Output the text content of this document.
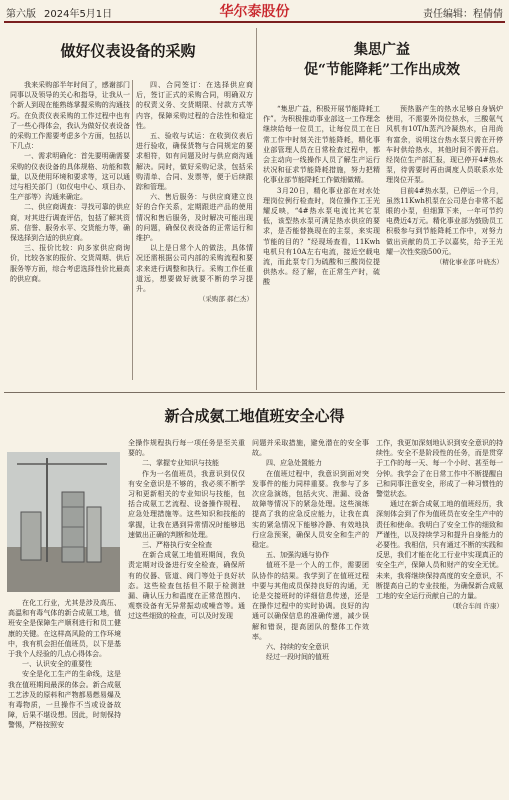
第六版 2024年5月1日	华尔泰股份	责任编辑：程倩倩
做好仪表设备的采购

我来采购部半年时间了，感谢部门同事以及领导的关心和指导，让我从一个新人到现在能熟练掌握采购的沟通技巧。在负责仪表采购的工作过程中也有了一些心得体会，我认为做好仪表设备的采购工作需要考虑多个方面，包括以下几点：

一、需求明确化：首先要明确需要采购的仪表设备的具体规格、功能和数量，以及使用环境和要求等，这可以通过与相关部门（如仪电中心、项目办、生产部等）沟通来确定。

二、供应商调查：寻找可靠的供应商，对其进行调查评估，包括了解其资质、信誉、服务水平、交货能力等，确保选择到合适的供应商。

三、报价比较：向多家供应商询价，比较各家的报价、交货周期、供后服务等方面，综合考虑选择性价比最高的供应商。

四、合同签订：在选择供应商后，签订正式的采购合同，明确双方的权责义务、交货期限、付款方式等内容，保障采购过程的合法性和稳定性。

五、验收与试运：在收到仪表后进行验收，确保货物与合同规定的要求相符，如有问题及时与供应商沟通解决。同时，做好采购记录，包括采购清单、合同、发票等，便于后续跟踪和管理。

六、售后服务：与供应商建立良好的合作关系，定期跟进产品的使用情况和售后服务，及时解决可能出现的问题，确保仪表设备的正常运行和维护。

以上是日常个人的做法，具体情况还需根据公司内部的采购流程和要求来进行调整和执行。采购工作任重道远，想要做好就要不断的学习提升。

（采购部 郝仁杰）
集思广益
促“节能降耗”工作出成效

“集思广益，积极开展节能降耗工作”。为积极推动事业部这一工作理念继续给每一位员工，让每位员工在日常工作中时刻关注节能降耗，精化事业部管理人员在日常检查过程中，都会主动向一线操作人员了解生产运行状况和征求节能降耗措施，努力把精化事业部节能降耗工作做细做精。

3月20日，精化事业部在对水处理岗位例行检查时，岗位操作工王光耀反映，“4#热水泵电流比其它泵低，该型热水泵可满足热水供应的要求，是否能替换现在的主泵，来实现节能的目的？”经现场查看，11Kwh电机只有10A左右电流，接近空载电流，而此泵专门为硫酸和三酸岗位提供热水。经了解，在正常生产时，硫酸

预热器产生的热水足够自身锅炉使用，不需要外岗位热水，三酸氨气风机有10T/h蒸汽冷凝热水，自用尚有富余，说明这台热水泵只需在开停车时供给热水，其他时间不需开启。经岗位生产部汇报，现已停开4#热水泵，待需要时再由调度人员联系水处理岗位开泵。

目前4#热水泵，已停运一个月，虽然11Kwh机泵在公司是台非常不起眼的小泵，但细算下来，一年可节约电费近4万元。精化事业部为鼓励员工积极参与到节能降耗工作中，对努力做出贡献的员工予以嘉奖，给予王光耀一次性奖励500元。

（精化事业部 叶晓杰）
新合成氨工地值班安全心得

在化工行业，尤其是涉及高压、高温和有毒气体的新合成氨工地，值班安全是保障生产顺利进行和员工健康的关键。在这样高风险的工作环境中，我有机会担任值班员，以下是基于我个人经验的几点心得体会。

一、认识安全的重要性

安全是化工生产的生命线，这是我在值班期间最深的体会。新合成氨工艺涉及的原料和产物都易燃易爆及有毒物质，一旦操作不当或设备故障，后果不堪设想。因此，时刻保持警惕，严格按照安

全操作规程执行每一项任务是至关重要的。

二、掌握专业知识与技能

作为一名值班员，我意识到仅仅有安全意识是不够的，我必须不断学习和更新相关的专业知识与技能，包括合成氨工艺流程、设备操作规程、应急处理措施等。这些知识和技能的掌握，让我在遇到异常情况时能够迅速做出正确的判断和处理。

三、严格执行安全检查

在新合成氨工地值班期间，我负责定期对设备进行安全检查，确保所有的仪器、管道、阀门等处于良好状态。这些检查包括但不限于检测泄漏、确认压力和温度在正常范围内、观察设备有无异常振动或噪音等。通过这些细致的检查，可以及时发现

问题并采取措施，避免潜在的安全事故。

四、应急处置能力

在值班过程中，我意识到面对突发事件的能力同样重要。我参与了多次应急演练，包括火灾、泄漏、设备故障等情况下的紧急处理。这些演练提高了我的应急反应能力，让我在真实的紧急情况下能够冷静、有效地执行应急预案，确保人员安全和生产的稳定。

五、加强沟通与协作

值班不是一个人的工作，需要团队协作的结果。我学到了在值班过程中要与其他成员保持良好的沟通，无论是交接班时的详细信息传递，还是在操作过程中的实时协调。良好的沟通可以确保信息的准确传递，减少误解和错误，提高团队的整体工作效率。

六、持续的安全意识

经过一段时间的值班

工作，我更加深刻地认识到安全意识的持续性。安全不是阶段性的任务，而是贯穿于工作的每一天、每一个小时、甚至每一分钟。我学会了在日常工作中不断提醒自己和同事注意安全，形成了一种习惯性的警觉状态。

通过在新合成氨工地的值班经历，我深刻体会到了作为值班员在安全生产中的责任和使命。我明白了安全工作的细致和严谨性，以及持续学习和提升自身能力的必要性。我相信，只有通过不断的实践和反思，我们才能在化工行业中实现真正的安全生产，保障人员和财产的安全无忧。未来，我将继续保持高度的安全意识，不断提高自己的专业技能，为确保新合成氨工地的安全运行贡献自己的力量。

（联合车间 许康）
